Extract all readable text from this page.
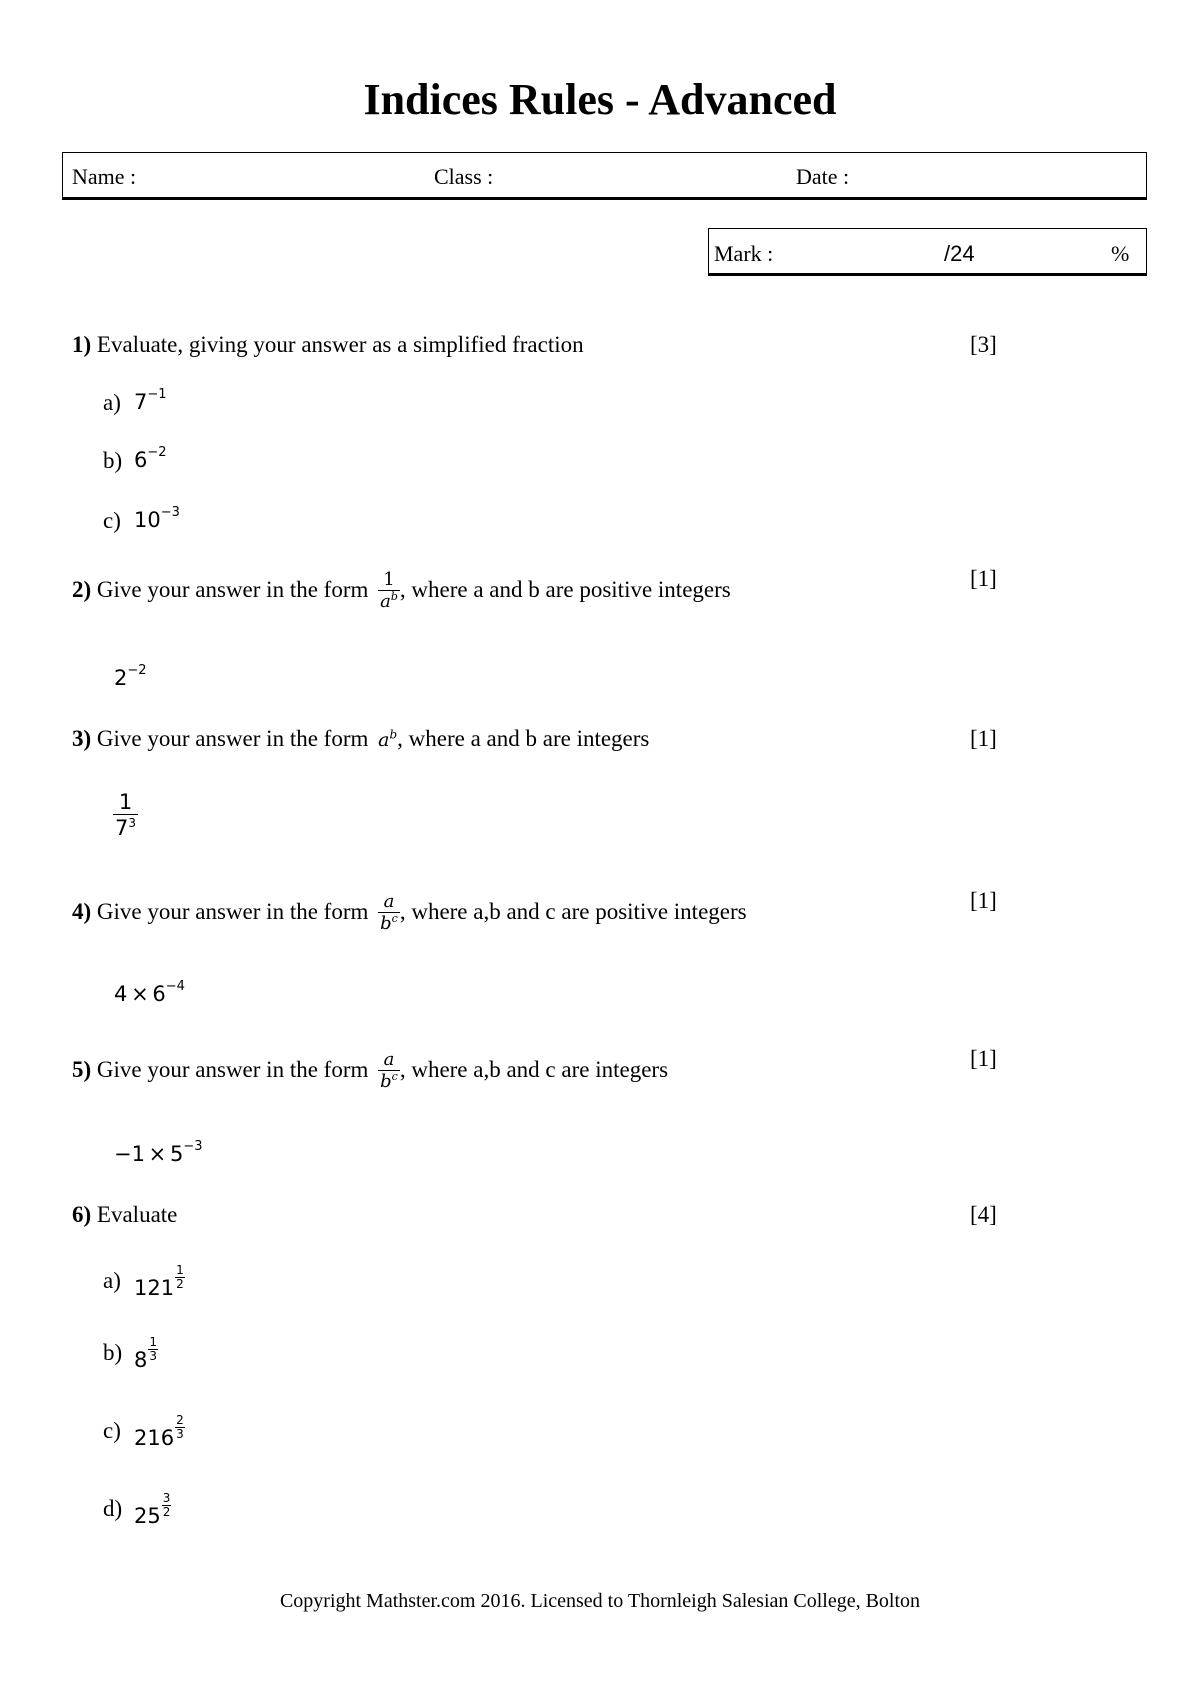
Indices Rules - Advanced
Name :	Class :	Date :
Mark :	/24	%
1) Evaluate, giving your answer as a simplified fraction	[3]
a) $7^{-1}$
b) $6^{-2}$
c) $10^{-3}$
2) Give your answer in the form $\frac{1}{a^b}$ , where a and b are positive integers	[1]
$2^{-2}$
3) Give your answer in the form $a^b$, where a and b are integers	[1]
1
$7^3$
4) Give your answer in the form $\frac{a}{b^c}$ , where a,b and c are positive integers	[1]
$4 \times 6^{-4}$
5) Give your answer in the form $\frac{a}{b^c}$ , where a,b and c are integers	[1]
$-1 \times 5^{-3}$
6) Evaluate	[4]
a) $121 \frac{1}{2}$
b) $8 \frac{1}{3}$
c) $216 \frac{2}{3}$
d) $25 \frac{3}{2}$
Copyright Mathster.com 2016. Licensed to Thornleigh Salesian College, Bolton
